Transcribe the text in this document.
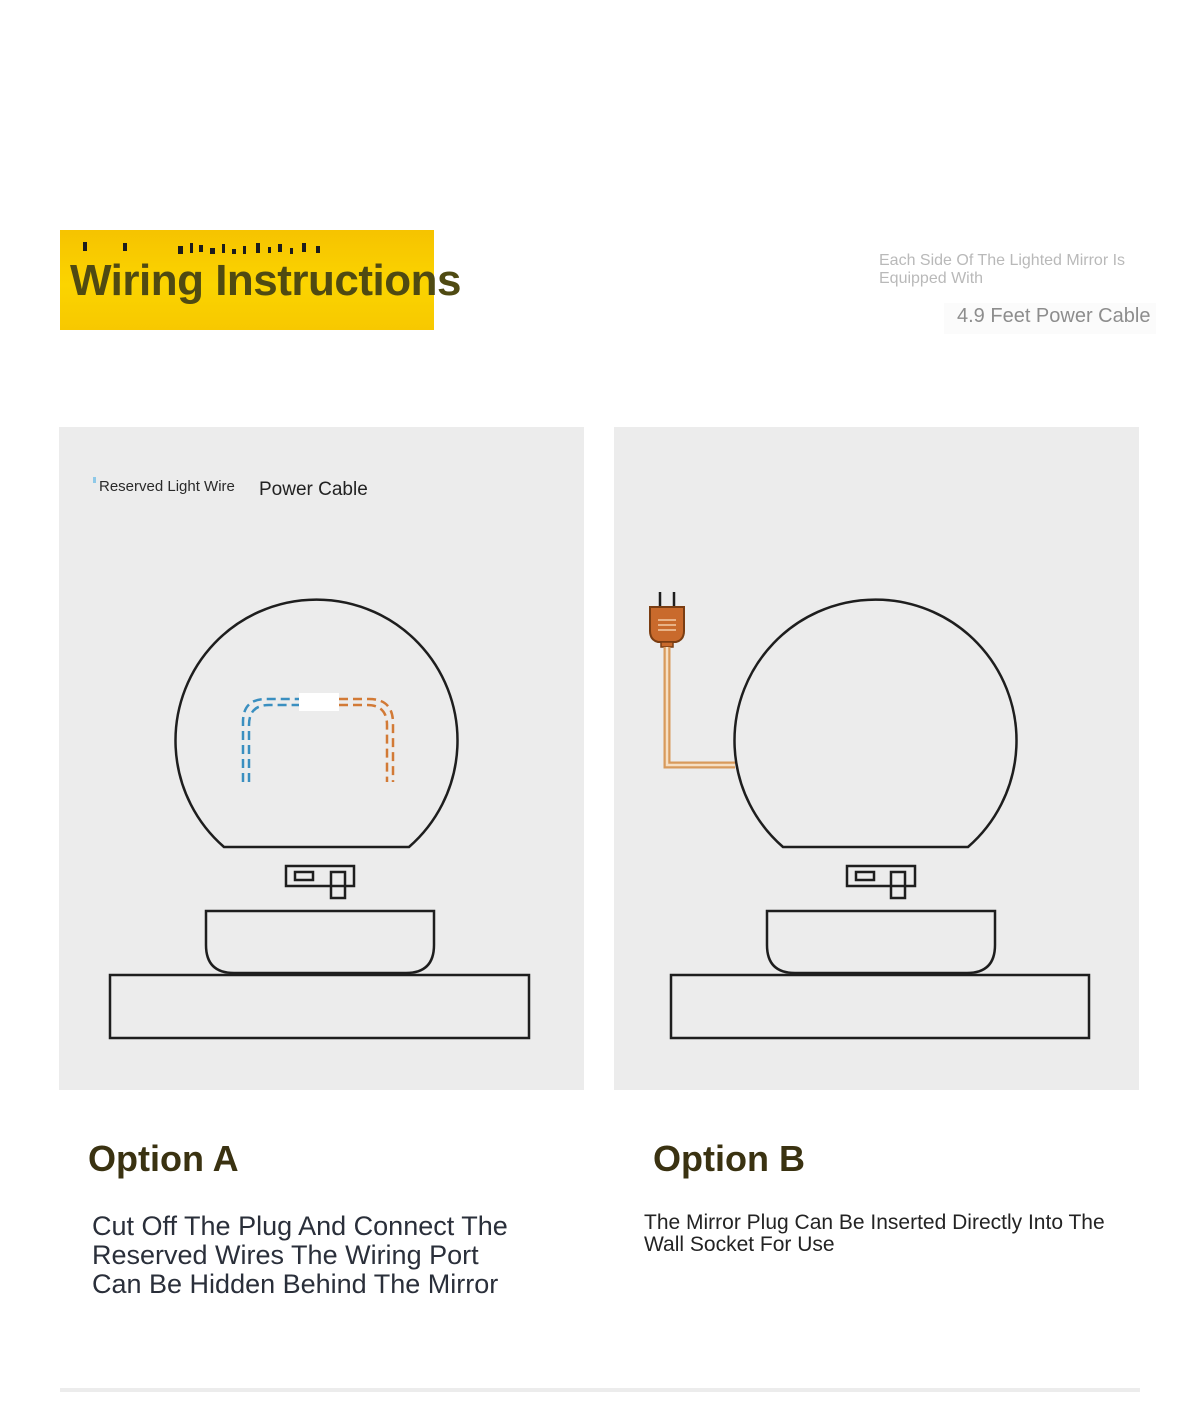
Wiring Instructions	Each Side Of The Lighted Mirror Is Equipped With
4.9 Feet Power Cable
Reserved Light Wire Power Cable
Option A
Cut Off The Plug And Connect The Reserved Wires The Wiring Port Can Be Hidden Behind The Mirror
Option B
The Mirror Plug Can Be Inserted Directly Into The Wall Socket For Use
